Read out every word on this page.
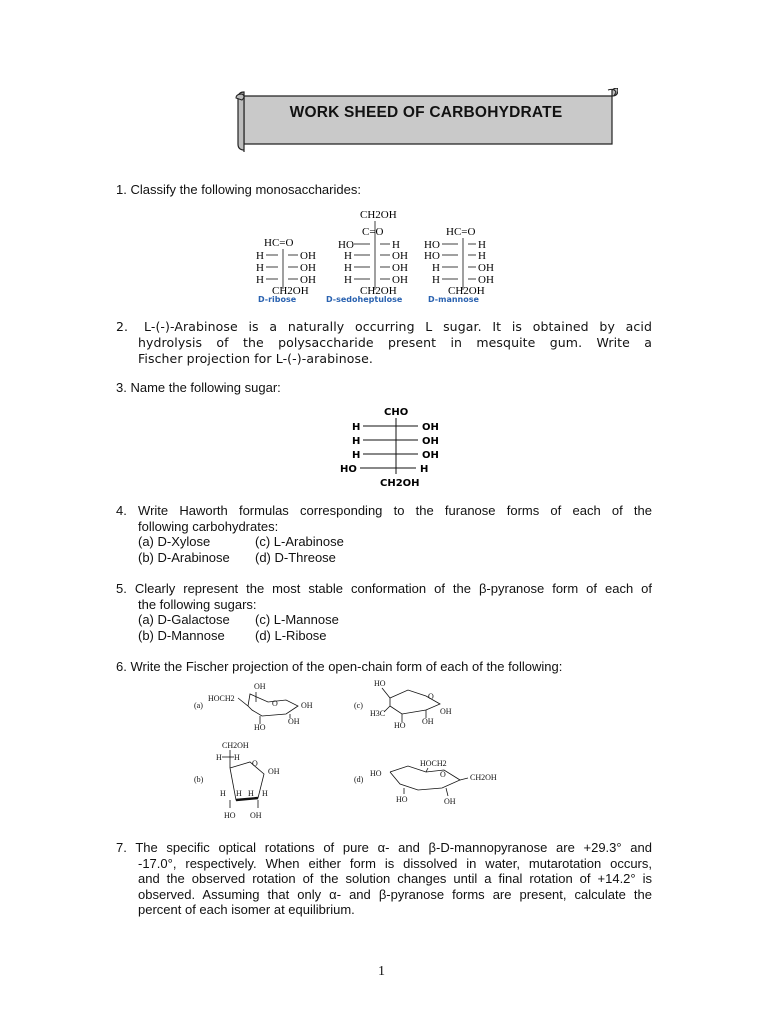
WORK SHEED OF CARBOHYDRATE
1. Classify the following monosaccharides:
HC=O
H	OH
H	OH
H	OH
CH2OH
D-ribose
CH2OH
C=O
HO	H
H	OH
H	OH
H	OH
CH2OH
D-sedoheptulose
HC=O
HO	H
HO	H
H	OH
H	OH
CH2OH
D-mannose
2.	L-(-)-Arabinose is a naturally occurring L sugar. It is obtained by acid
hydrolysis of the polysaccharide present in mesquite gum. Write a
Fischer projection for L-(-)-arabinose.
3. Name the following sugar:
CHO
H	OH
H	OH
H	OH
HO	H
CH2OH
4. Write Haworth formulas corresponding to the furanose forms of each of the
following carbohydrates:
(a) D-Xylose	(c) L-Arabinose
(b) D-Arabinose	(d) D-Threose
5. Clearly represent the most stable conformation of the β-pyranose form of each of
the following sugars:
(a) D-Galactose	(c) L-Mannose
(b) D-Mannose	(d) L-Ribose
6. Write the Fischer projection of the open-chain form of each of the following:
(a)
HOCH2
OH
OH
O
HO
OH
(c)
HO
H3C
O
OH
HO OH
(b)
CH2OH
H H
O
OH
H H H H
HO OH
(d)
HOCH2
HO	O	CH2OH
HO	OH
7. The specific optical rotations of pure α- and β-D-mannopyranose are +29.3° and
-17.0°, respectively. When either form is dissolved in water, mutarotation occurs,
and the observed rotation of the solution changes until a final rotation of +14.2° is
observed. Assuming that only α- and β-pyranose forms are present, calculate the
percent of each isomer at equilibrium.
1
